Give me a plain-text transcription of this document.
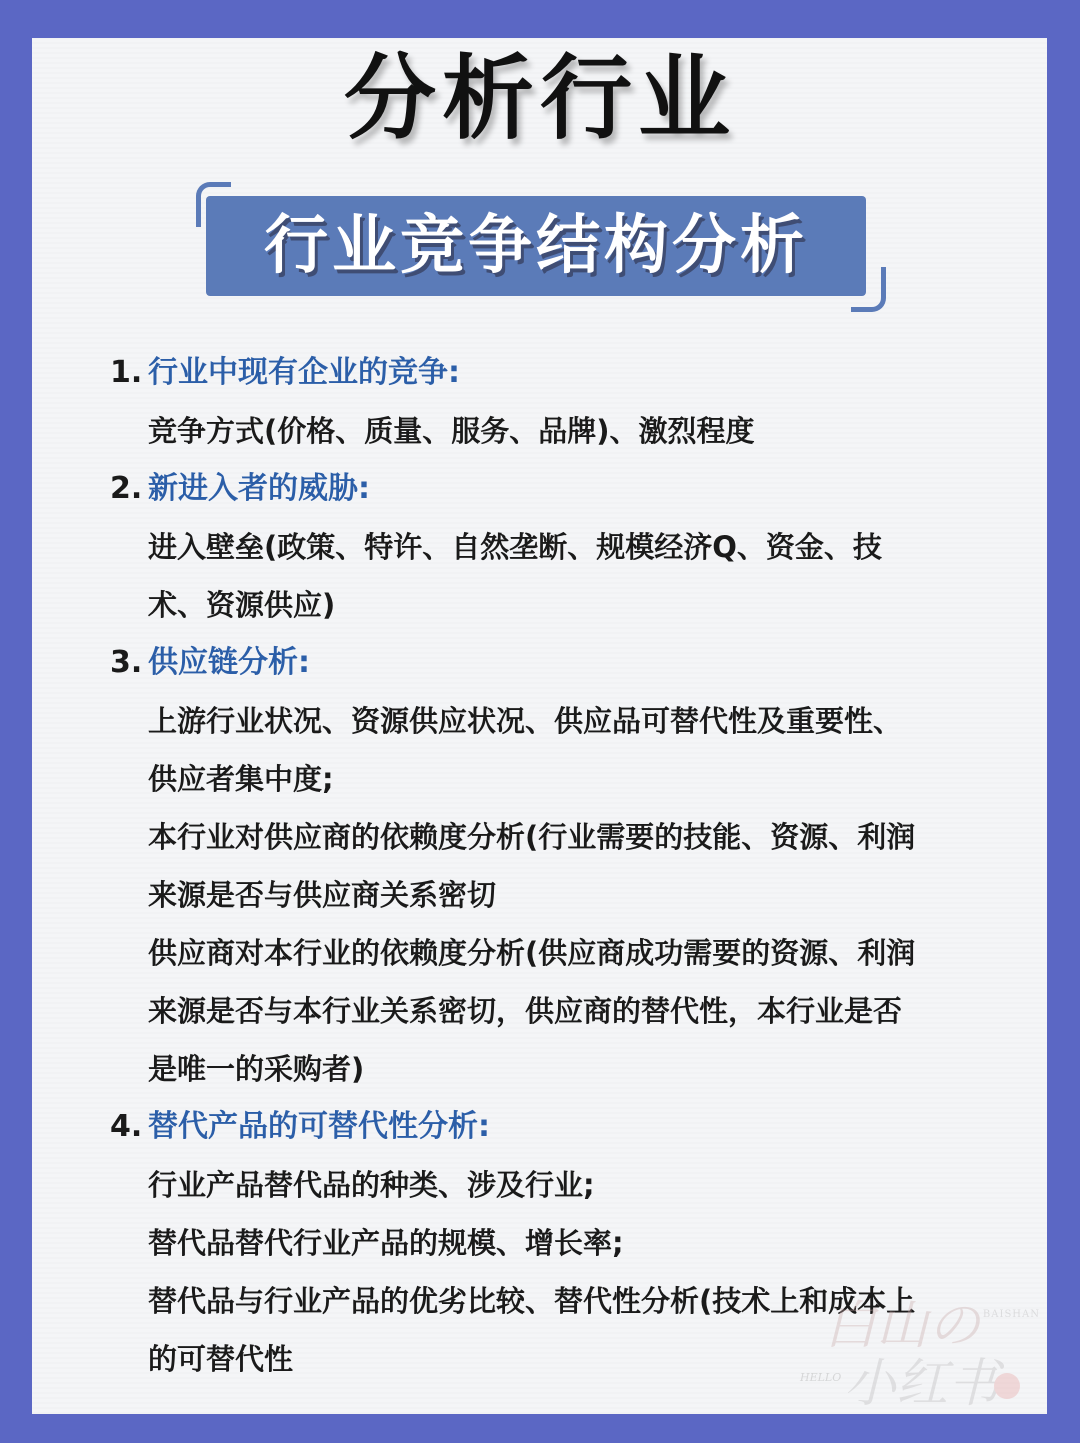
分析行业
行业竞争结构分析
1. 行业中现有企业的竞争:
竞争方式(价格、质量、服务、品牌)、激烈程度
2. 新进入者的威胁:
进入壁垒(政策、特许、自然垄断、规模经济Q、资金、技
术、资源供应)
3. 供应链分析:
上游行业状况、资源供应状况、供应品可替代性及重要性、
供应者集中度;
本行业对供应商的依赖度分析(行业需要的技能、资源、利润
来源是否与供应商关系密切
供应商对本行业的依赖度分析(供应商成功需要的资源、利润
来源是否与本行业关系密切，供应商的替代性，本行业是否
是唯一的采购者)
4. 替代产品的可替代性分析:
行业产品替代品的种类、涉及行业;
替代品替代行业产品的规模、增长率;
替代品与行业产品的优劣比较、替代性分析(技术上和成本上
的可替代性
白山の BAISHAN
小红书
HELLO
